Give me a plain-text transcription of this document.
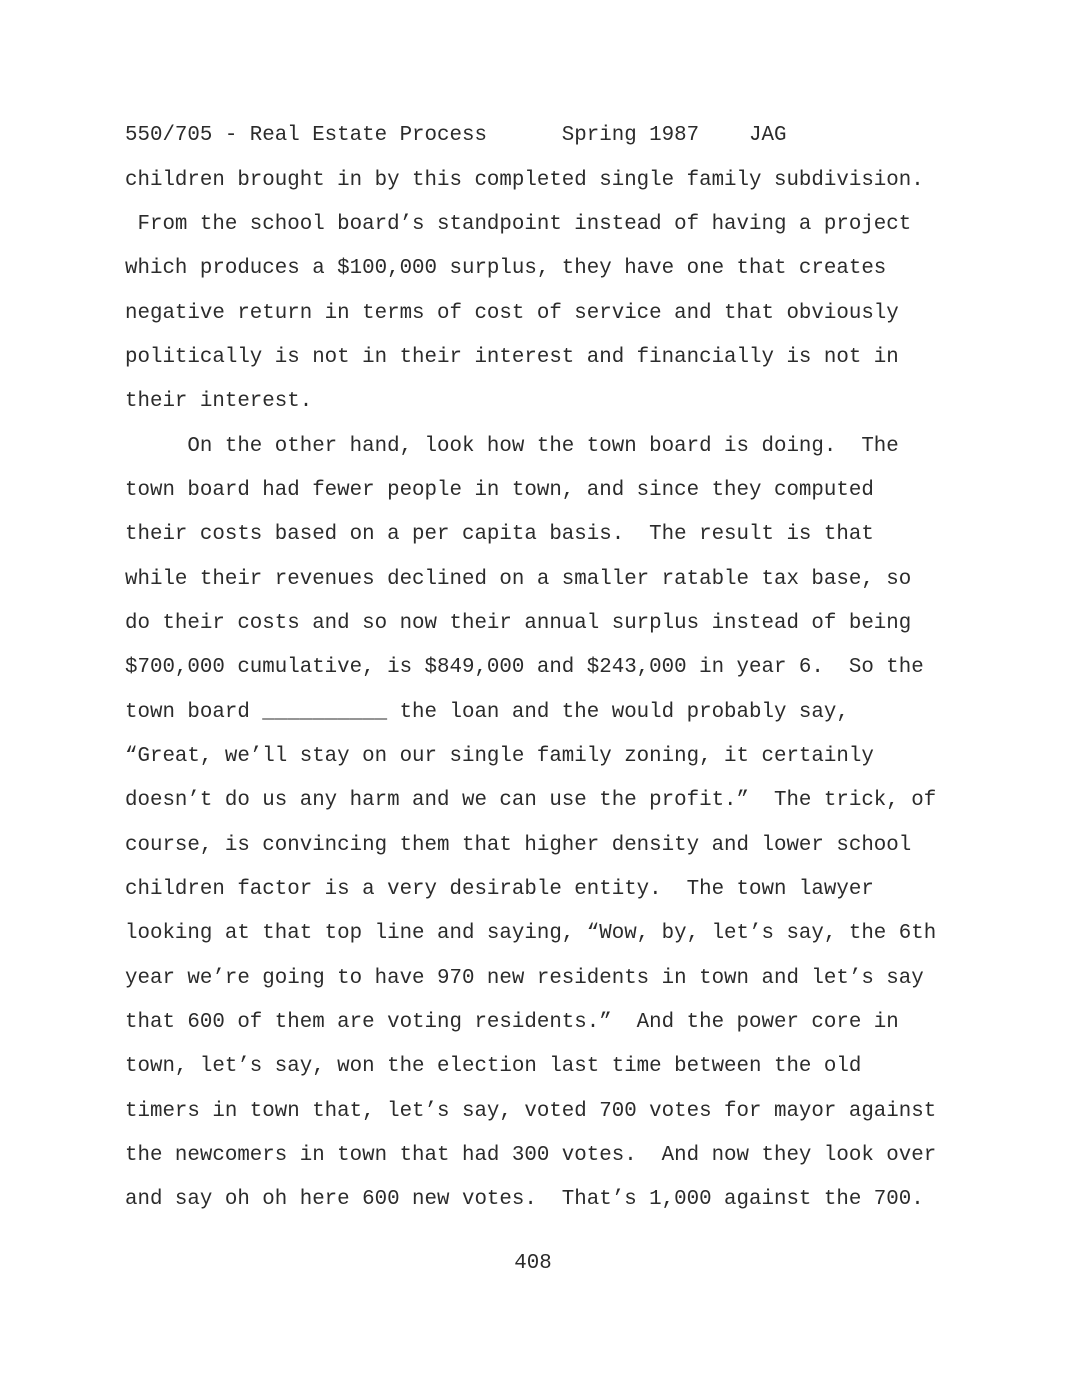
550/705 - Real Estate Process      Spring 1987    JAG
children brought in by this completed single family subdivision.
From the school board’s standpoint instead of having a project
which produces a $100,000 surplus, they have one that creates
negative return in terms of cost of service and that obviously
politically is not in their interest and financially is not in
their interest.
On the other hand, look how the town board is doing.  The
town board had fewer people in town, and since they computed
their costs based on a per capita basis.  The result is that
while their revenues declined on a smaller ratable tax base, so
do their costs and so now their annual surplus instead of being
$700,000 cumulative, is $849,000 and $243,000 in year 6.  So the
town board __________ the loan and the would probably say,
“Great, we’ll stay on our single family zoning, it certainly
doesn’t do us any harm and we can use the profit.”  The trick, of
course, is convincing them that higher density and lower school
children factor is a very desirable entity.  The town lawyer
looking at that top line and saying, “Wow, by, let’s say, the 6th
year we’re going to have 970 new residents in town and let’s say
that 600 of them are voting residents.”  And the power core in
town, let’s say, won the election last time between the old
timers in town that, let’s say, voted 700 votes for mayor against
the newcomers in town that had 300 votes.  And now they look over
and say oh oh here 600 new votes.  That’s 1,000 against the 700.
408
